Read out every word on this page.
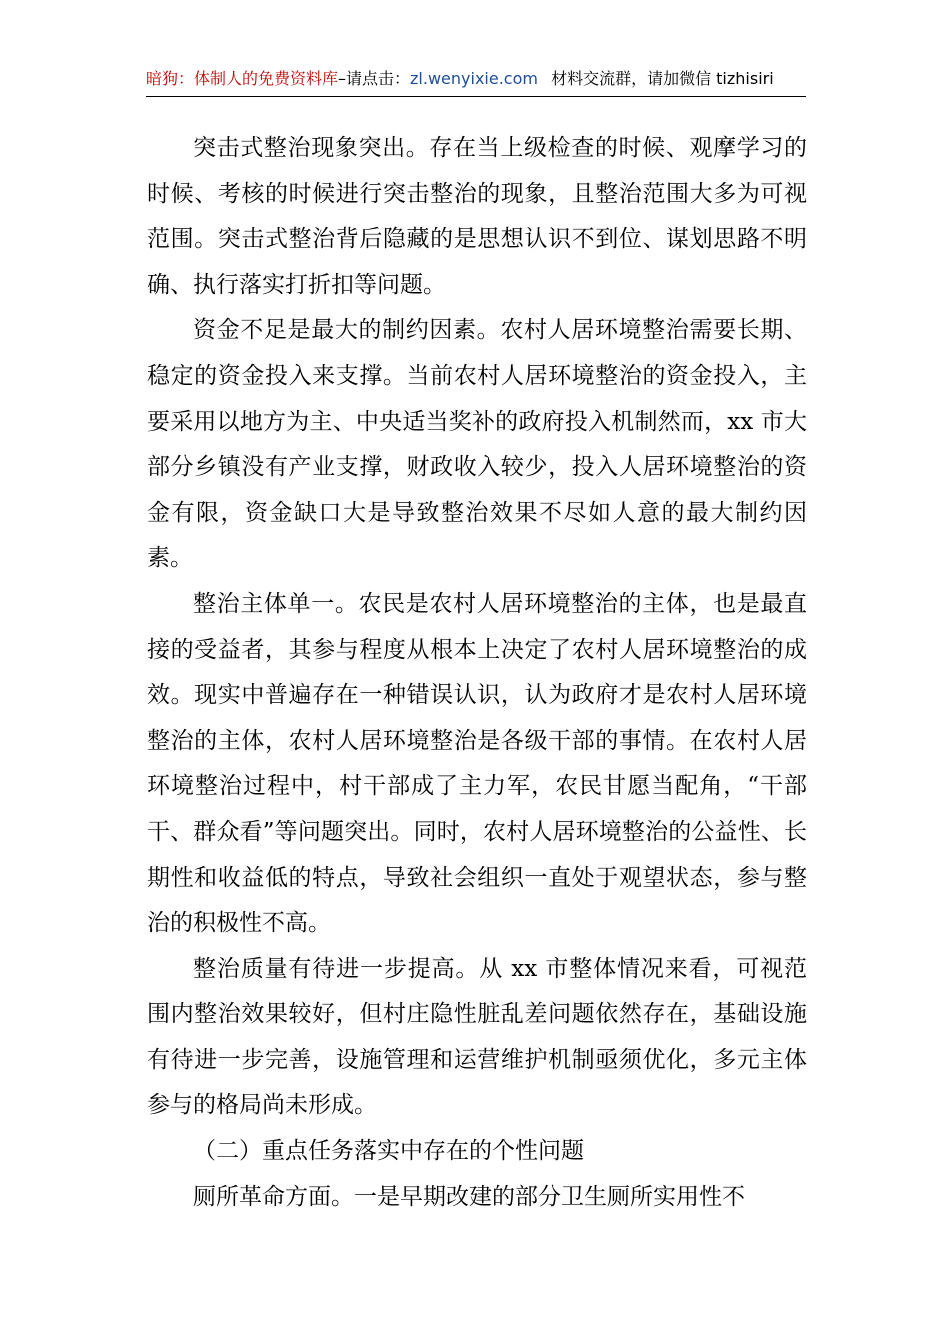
暗狗：体制人的免费资料库–请点击：zl.wenyixie.com 材料交流群，请加微信 tizhisiri

突击式整治现象突出。存在当上级检查的时候、观摩学习的时候、考核的时候进行突击整治的现象，且整治范围大多为可视范围。突击式整治背后隐藏的是思想认识不到位、谋划思路不明确、执行落实打折扣等问题。

资金不足是最大的制约因素。农村人居环境整治需要长期、稳定的资金投入来支撑。当前农村人居环境整治的资金投入，主要采用以地方为主、中央适当奖补的政府投入机制然而，xx 市大部分乡镇没有产业支撑，财政收入较少，投入人居环境整治的资金有限，资金缺口大是导致整治效果不尽如人意的最大制约因素。

整治主体单一。农民是农村人居环境整治的主体，也是最直接的受益者，其参与程度从根本上决定了农村人居环境整治的成效。现实中普遍存在一种错误认识，认为政府才是农村人居环境整治的主体，农村人居环境整治是各级干部的事情。在农村人居环境整治过程中，村干部成了主力军，农民甘愿当配角，“干部干、群众看”等问题突出。同时，农村人居环境整治的公益性、长期性和收益低的特点，导致社会组织一直处于观望状态，参与整治的积极性不高。

整治质量有待进一步提高。从 xx 市整体情况来看，可视范围内整治效果较好，但村庄隐性脏乱差问题依然存在，基础设施有待进一步完善，设施管理和运营维护机制亟须优化，多元主体参与的格局尚未形成。

（二）重点任务落实中存在的个性问题

厕所革命方面。一是早期改建的部分卫生厕所实用性不
